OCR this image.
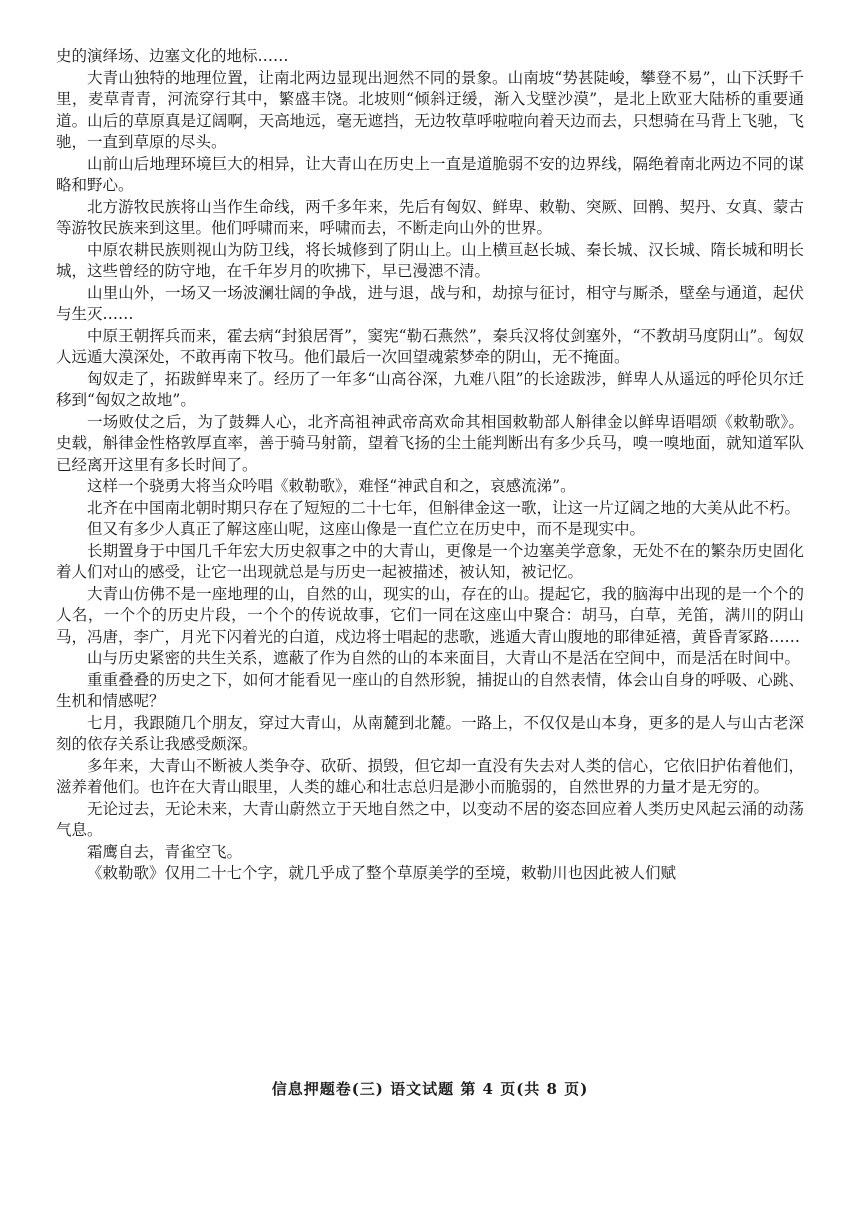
史的演绎场、边塞文化的地标……

大青山独特的地理位置，让南北两边显现出迥然不同的景象。山南坡“势甚陡峻，攀登不易”，山下沃野千里，麦草青青，河流穿行其中，繁盛丰饶。北坡则“倾斜迂缓，渐入戈壁沙漠”，是北上欧亚大陆桥的重要通道。山后的草原真是辽阔啊，天高地远，毫无遮挡，无边牧草呼啦啦向着天边而去，只想骑在马背上飞驰，飞驰，一直到草原的尽头。

山前山后地理环境巨大的相异，让大青山在历史上一直是道脆弱不安的边界线，隔绝着南北两边不同的谋略和野心。

北方游牧民族将山当作生命线，两千多年来，先后有匈奴、鲜卑、敕勒、突厥、回鹘、契丹、女真、蒙古等游牧民族来到这里。他们呼啸而来，呼啸而去，不断走向山外的世界。

中原农耕民族则视山为防卫线，将长城修到了阴山上。山上横亘赵长城、秦长城、汉长城、隋长城和明长城，这些曾经的防守地，在千年岁月的吹拂下，早已漫漶不清。

山里山外，一场又一场波澜壮阔的争战，进与退，战与和，劫掠与征讨，相守与厮杀，壁垒与通道，起伏与生灭……

中原王朝挥兵而来，霍去病“封狼居胥”，窦宪“勒石燕然”，秦兵汉将仗剑塞外，“不教胡马度阴山”。匈奴人远遁大漠深处，不敢再南下牧马。他们最后一次回望魂萦梦牵的阴山，无不掩面。

匈奴走了，拓跋鲜卑来了。经历了一年多“山高谷深，九难八阻”的长途跋涉，鲜卑人从遥远的呼伦贝尔迁移到“匈奴之故地”。

一场败仗之后，为了鼓舞人心，北齐高祖神武帝高欢命其相国敕勒部人斛律金以鲜卑语唱颂《敕勒歌》。史载，斛律金性格敦厚直率，善于骑马射箭，望着飞扬的尘土能判断出有多少兵马，嗅一嗅地面，就知道军队已经离开这里有多长时间了。

这样一个骁勇大将当众吟唱《敕勒歌》，难怪“神武自和之，哀感流涕”。

北齐在中国南北朝时期只存在了短短的二十七年，但斛律金这一歌，让这一片辽阔之地的大美从此不朽。

但又有多少人真正了解这座山呢，这座山像是一直伫立在历史中，而不是现实中。

长期置身于中国几千年宏大历史叙事之中的大青山，更像是一个边塞美学意象，无处不在的繁杂历史固化着人们对山的感受，让它一出现就总是与历史一起被描述，被认知，被记忆。

大青山仿佛不是一座地理的山，自然的山，现实的山，存在的山。提起它，我的脑海中出现的是一个个的人名，一个个的历史片段，一个个的传说故事，它们一同在这座山中聚合：胡马，白草，羌笛，满川的阴山马，冯唐，李广，月光下闪着光的白道，戍边将士唱起的悲歌，逃遁大青山腹地的耶律延禧，黄昏青冢路……

山与历史紧密的共生关系，遮蔽了作为自然的山的本来面目，大青山不是活在空间中，而是活在时间中。

重重叠叠的历史之下，如何才能看见一座山的自然形貌，捕捉山的自然表情，体会山自身的呼吸、心跳、生机和情感呢？

七月，我跟随几个朋友，穿过大青山，从南麓到北麓。一路上，不仅仅是山本身，更多的是人与山古老深刻的依存关系让我感受颇深。

多年来，大青山不断被人类争夺、砍斫、损毁，但它却一直没有失去对人类的信心，它依旧护佑着他们，滋养着他们。也许在大青山眼里，人类的雄心和壮志总归是渺小而脆弱的，自然世界的力量才是无穷的。

无论过去，无论未来，大青山蔚然立于天地自然之中，以变动不居的姿态回应着人类历史风起云涌的动荡气息。

霜鹰自去，青雀空飞。

《敕勒歌》仅用二十七个字，就几乎成了整个草原美学的至境，敕勒川也因此被人们赋

信息押题卷(三) 语文试题 第 4 页(共 8 页)
